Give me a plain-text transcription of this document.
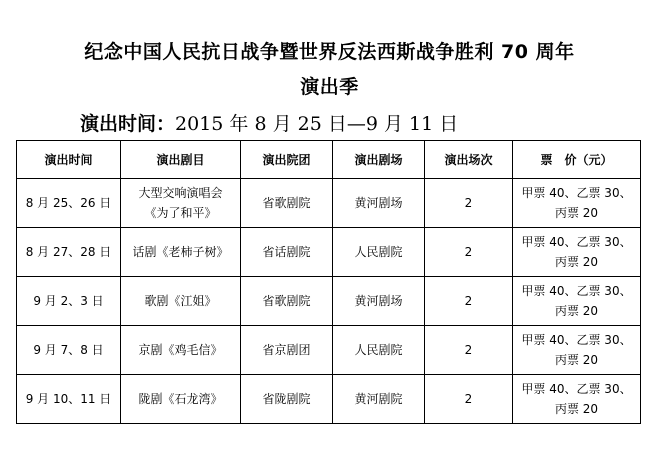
纪念中国人民抗日战争暨世界反法西斯战争胜利 70 周年
演出季
演出时间：2015 年 8 月 25 日—9 月 11 日
演出时间	演出剧目	演出院团	演出剧场	演出场次	票　价（元）
8 月 25、26 日	大型交响演唱会
《为了和平》	省歌剧院	黄河剧场	2	甲票 40、乙票 30、
丙票 20

8 月 27、28 日	话剧《老柿子树》	省话剧院	人民剧院	2	甲票 40、乙票 30、
丙票 20

9 月 2、3 日	歌剧《江姐》	省歌剧院	黄河剧场	2	甲票 40、乙票 30、
丙票 20

9 月 7、8 日	京剧《鸡毛信》	省京剧团	人民剧院	2	甲票 40、乙票 30、
丙票 20

9 月 10、11 日	陇剧《石龙湾》	省陇剧院	黄河剧院	2	甲票 40、乙票 30、
丙票 20
